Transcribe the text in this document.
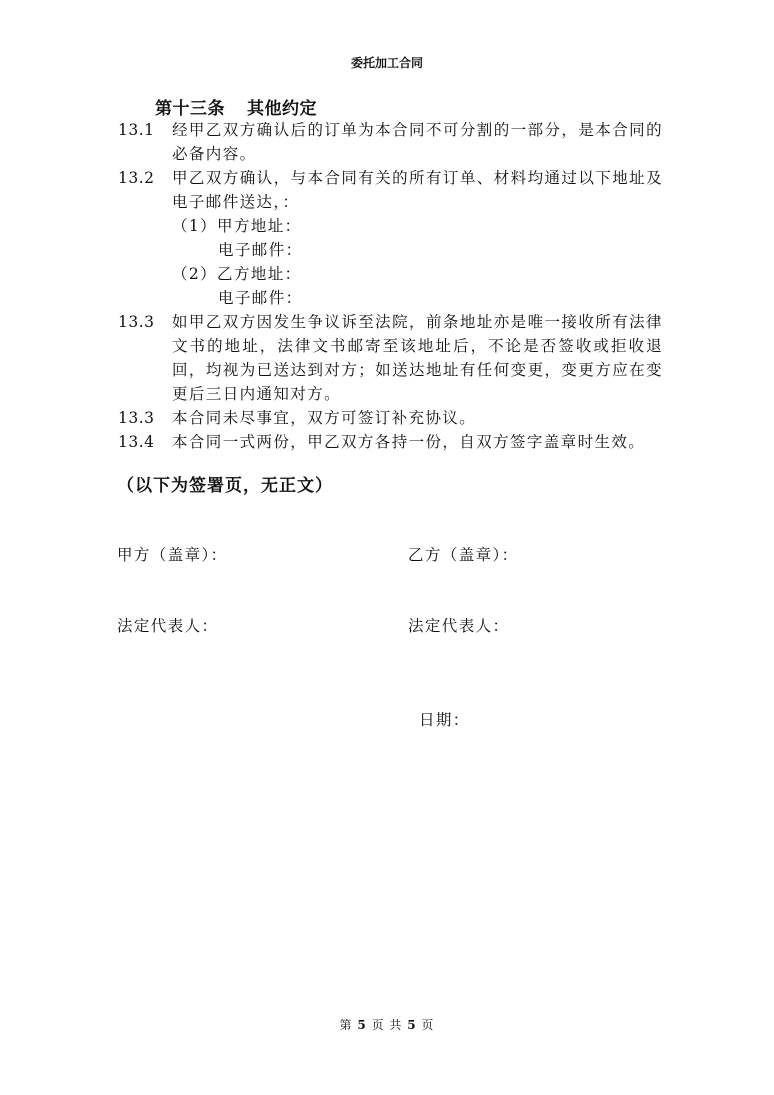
委托加工合同
第十三条 其他约定
13.1	经甲乙双方确认后的订单为本合同不可分割的一部分，是本合同的必备内容。
13.2	甲乙双方确认，与本合同有关的所有订单、材料均通过以下地址及电子邮件送达，：
（1）甲方地址：
电子邮件：
（2）乙方地址：
电子邮件：
13.3	如甲乙双方因发生争议诉至法院，前条地址亦是唯一接收所有法律文书的地址，法律文书邮寄至该地址后，不论是否签收或拒收退回，均视为已送达到对方；如送达地址有任何变更，变更方应在变更后三日内通知对方。
13.3	本合同未尽事宜，双方可签订补充协议。
13.4	本合同一式两份，甲乙双方各持一份，自双方签字盖章时生效。
（以下为签署页，无正文）
甲方（盖章）：	乙方（盖章）：
法定代表人：	法定代表人：
日期：
第 5 页 共 5 页
